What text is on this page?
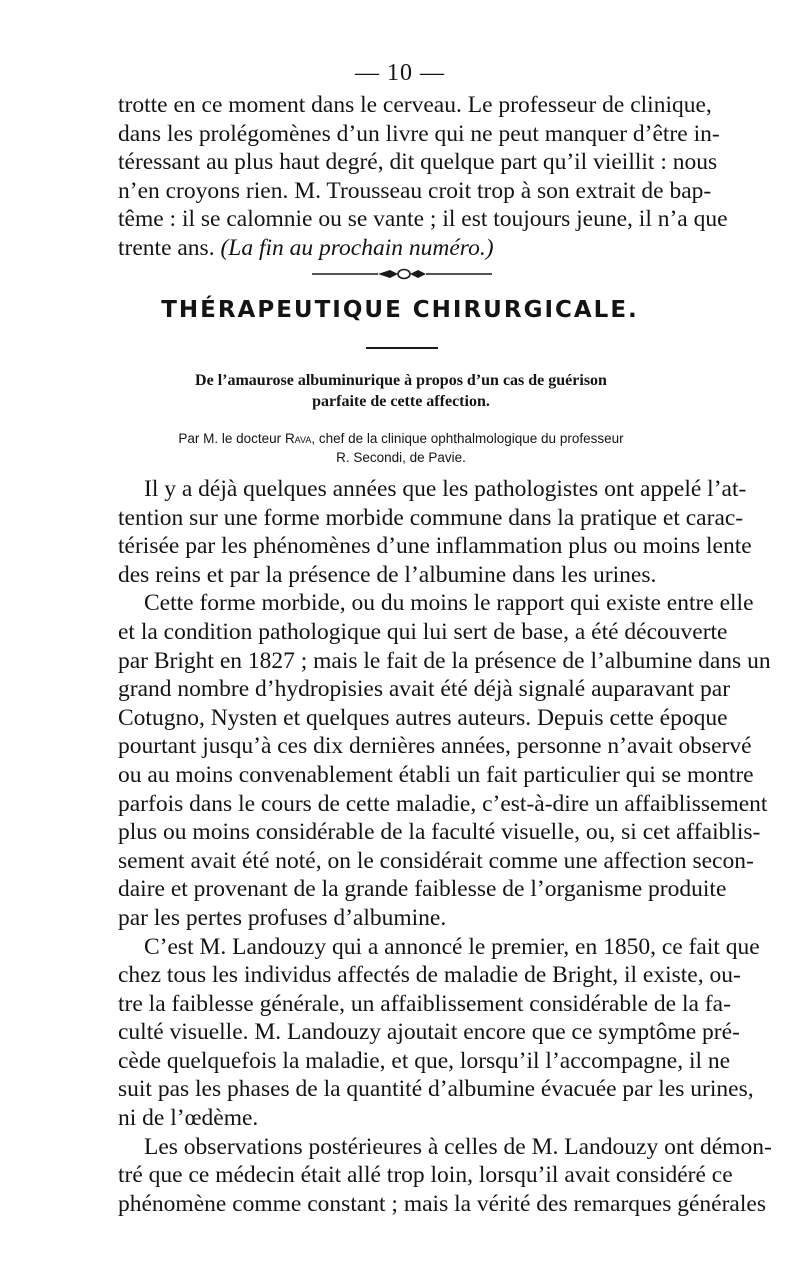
— 10 —
trotte en ce moment dans le cerveau. Le professeur de clinique,
dans les prolégomènes d’un livre qui ne peut manquer d’être in-
téressant au plus haut degré, dit quelque part qu’il vieillit : nous
n’en croyons rien. M. Trousseau croit trop à son extrait de bap-
tême : il se calomnie ou se vante ; il est toujours jeune, il n’a que
trente ans. (La fin au prochain numéro.)
THÉRAPEUTIQUE CHIRURGICALE.
De l’amaurose albuminurique à propos d’un cas de guérison
parfaite de cette affection.
Par M. le docteur Rava, chef de la clinique ophthalmologique du professeur
R. Secondi, de Pavie.
Il y a déjà quelques années que les pathologistes ont appelé l’at-
tention sur une forme morbide commune dans la pratique et carac-
térisée par les phénomènes d’une inflammation plus ou moins lente
des reins et par la présence de l’albumine dans les urines.
Cette forme morbide, ou du moins le rapport qui existe entre elle
et la condition pathologique qui lui sert de base, a été découverte
par Bright en 1827 ; mais le fait de la présence de l’albumine dans un
grand nombre d’hydropisies avait été déjà signalé auparavant par
Cotugno, Nysten et quelques autres auteurs. Depuis cette époque
pourtant jusqu’à ces dix dernières années, personne n’avait observé
ou au moins convenablement établi un fait particulier qui se montre
parfois dans le cours de cette maladie, c’est-à-dire un affaiblissement
plus ou moins considérable de la faculté visuelle, ou, si cet affaiblis-
sement avait été noté, on le considérait comme une affection secon-
daire et provenant de la grande faiblesse de l’organisme produite
par les pertes profuses d’albumine.
C’est M. Landouzy qui a annoncé le premier, en 1850, ce fait que
chez tous les individus affectés de maladie de Bright, il existe, ou-
tre la faiblesse générale, un affaiblissement considérable de la fa-
culté visuelle. M. Landouzy ajoutait encore que ce symptôme pré-
cède quelquefois la maladie, et que, lorsqu’il l’accompagne, il ne
suit pas les phases de la quantité d’albumine évacuée par les urines,
ni de l’œdème.
Les observations postérieures à celles de M. Landouzy ont démon-
tré que ce médecin était allé trop loin, lorsqu’il avait considéré ce
phénomène comme constant ; mais la vérité des remarques générales
